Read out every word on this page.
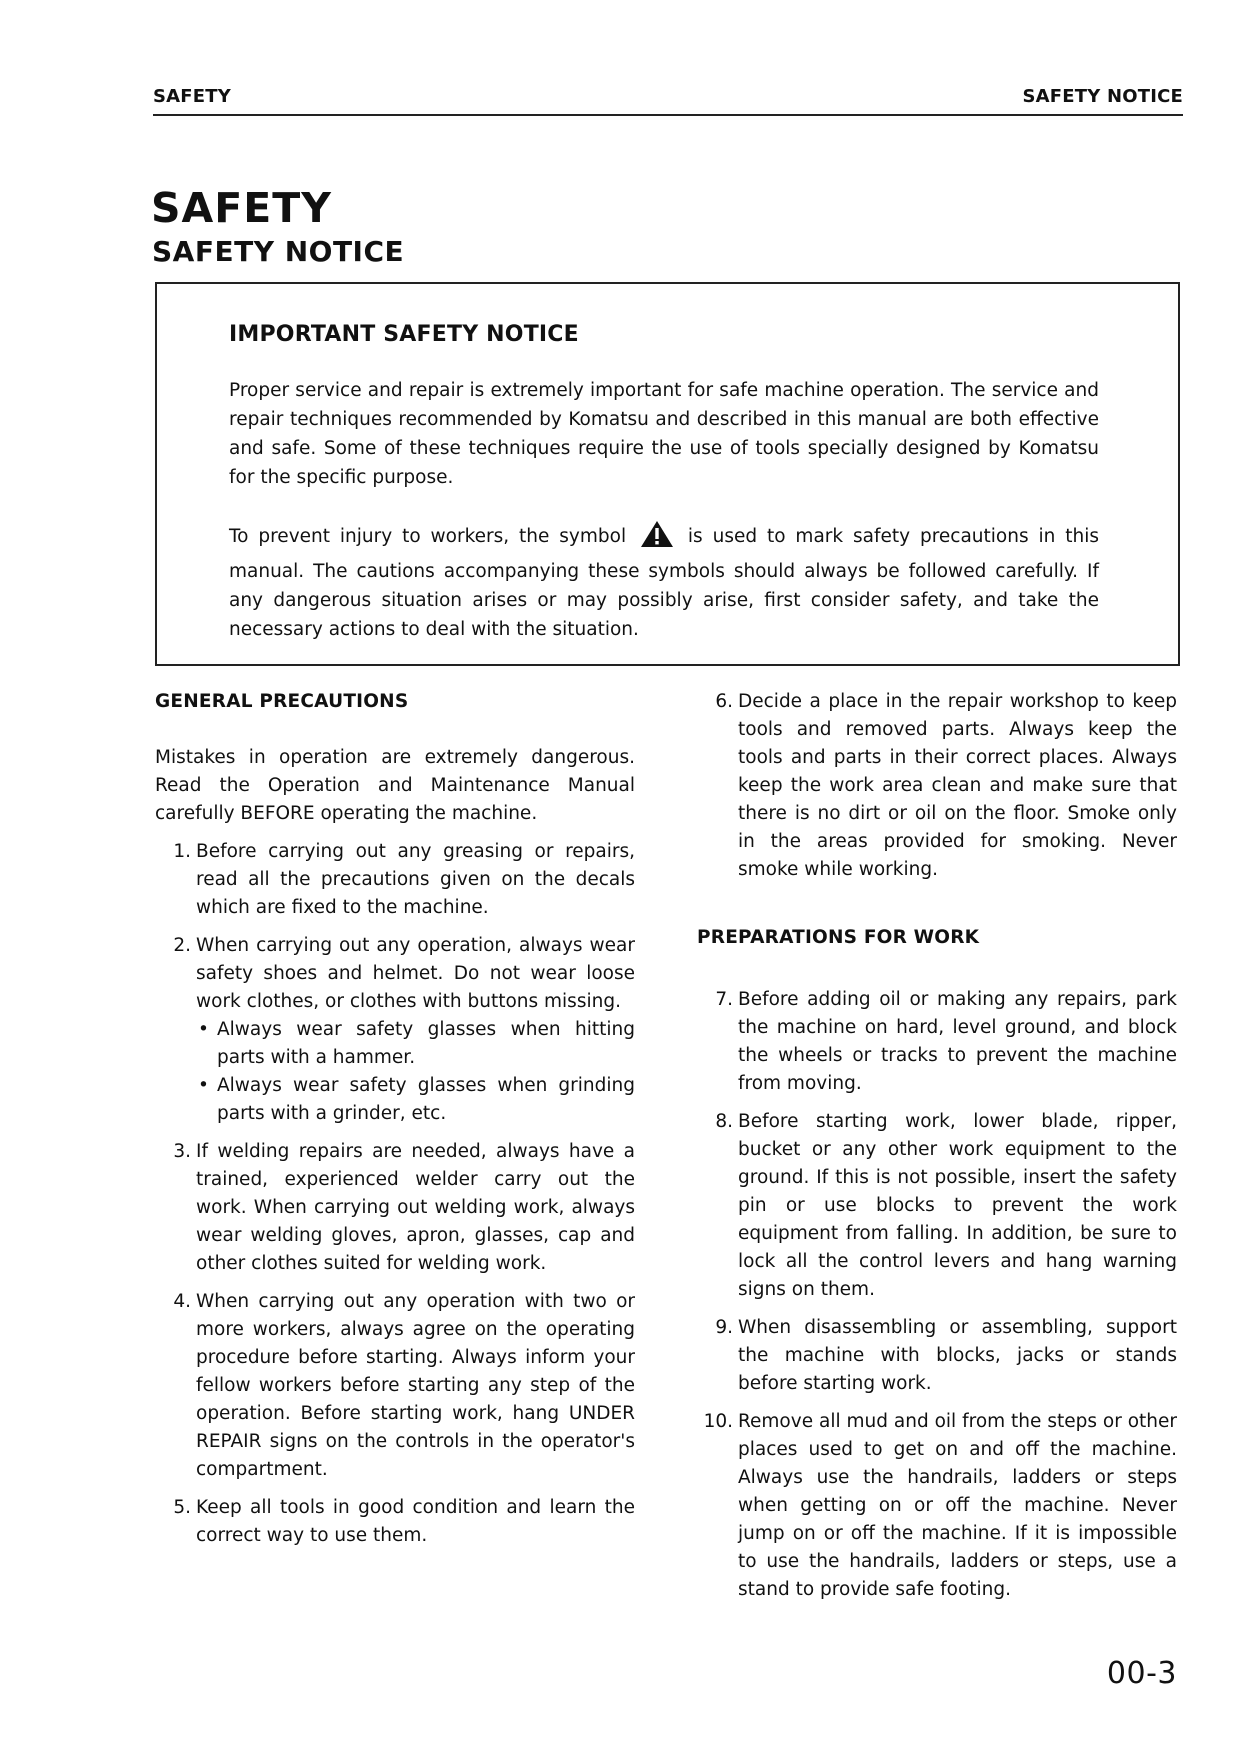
SAFETY	SAFETY NOTICE
SAFETY
SAFETY NOTICE
IMPORTANT SAFETY NOTICE
Proper service and repair is extremely important for safe machine operation. The service and repair techniques recommended by Komatsu and described in this manual are both effective and safe. Some of these techniques require the use of tools specially designed by Komatsu for the specific purpose.
To prevent injury to workers, the symbol	is used to mark safety precautions in this manual. The cautions accompanying these symbols should always be followed carefully. If any dangerous situation arises or may possibly arise, first consider safety, and take the necessary actions to deal with the situation.
GENERAL PRECAUTIONS
Mistakes in operation are extremely dangerous. Read the Operation and Maintenance Manual carefully BEFORE operating the machine.
1. Before carrying out any greasing or repairs, read all the precautions given on the decals which are fixed to the machine.
2. When carrying out any operation, always wear safety shoes and helmet. Do not wear loose work clothes, or clothes with buttons missing.
• Always wear safety glasses when hitting parts with a hammer.
• Always wear safety glasses when grinding parts with a grinder, etc.
3. If welding repairs are needed, always have a trained, experienced welder carry out the work. When carrying out welding work, always wear welding gloves, apron, glasses, cap and other clothes suited for welding work.
4. When carrying out any operation with two or more workers, always agree on the operating procedure before starting. Always inform your fellow workers before starting any step of the operation. Before starting work, hang UNDER REPAIR signs on the controls in the operator's compartment.
5. Keep all tools in good condition and learn the correct way to use them.
6. Decide a place in the repair workshop to keep tools and removed parts. Always keep the tools and parts in their correct places. Always keep the work area clean and make sure that there is no dirt or oil on the floor. Smoke only in the areas provided for smoking. Never smoke while working.
PREPARATIONS FOR WORK
7. Before adding oil or making any repairs, park the machine on hard, level ground, and block the wheels or tracks to prevent the machine from moving.
8. Before starting work, lower blade, ripper, bucket or any other work equipment to the ground. If this is not possible, insert the safety pin or use blocks to prevent the work equipment from falling. In addition, be sure to lock all the control levers and hang warning signs on them.
9. When disassembling or assembling, support the machine with blocks, jacks or stands before starting work.
10. Remove all mud and oil from the steps or other places used to get on and off the machine. Always use the handrails, ladders or steps when getting on or off the machine. Never jump on or off the machine. If it is impossible to use the handrails, ladders or steps, use a stand to provide safe footing.
00-3
